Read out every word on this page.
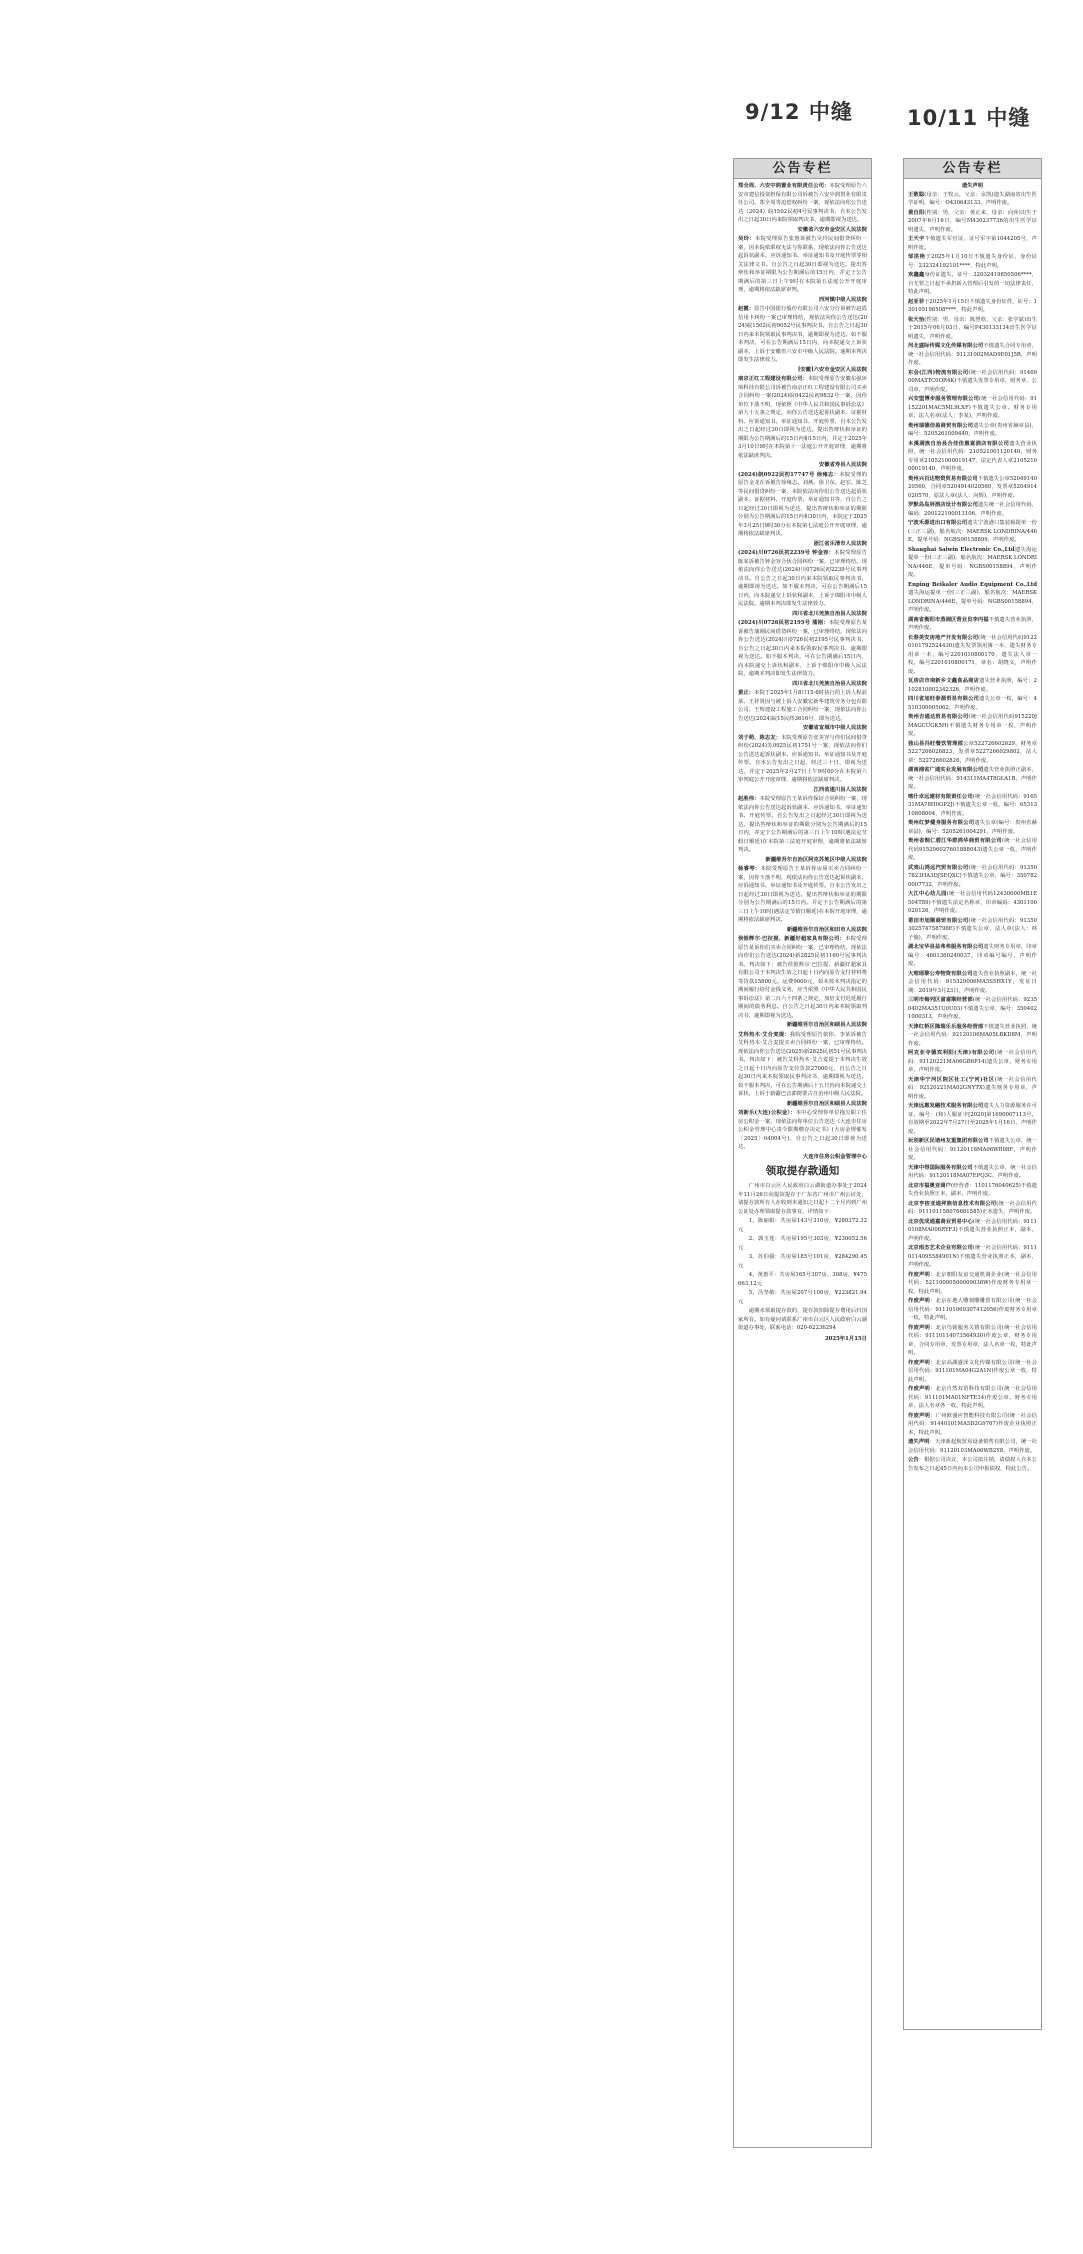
9/12 中缝	10/11 中缝
公告专栏

郑全周、六安中润置业有限责任公司：本院受理原告六安市建信投资担保有限公司诉被告六安中润置业有限责任公司、郑全周等追偿权纠纷一案，现依法向你公告送达（2024）皖1502民初4号民事判决书，自本公告发出之日起30日内来院领取判决书，逾期即视为送达。

安徽省六安市金安区人民法院

吴玲：本院受理原告张惠诉被告吴玲民间借贷纠纷一案，因本院依职权无法与你联系，现依法向你公告送达起诉状副本、应诉通知书、举证通知书及开庭传票等相关法律文书。自公告之日起30日即视为送达。提出答辩状和举证期限为公告期满后的15日内，并定于公告期满后的第三日上午9时在本院第五法庭公开开庭审理，逾期将依法缺席审判。

西河镇中级人民法院

赵霞：原告中国银行股份有限公司六安分行诉被告赵霞信用卡纠纷一案已审理终结，现依法向你公告送达(2024)皖1502民初9052号民事判决书。自公告之日起30日内来本院领取民事判决书，逾期即视为送达。如不服本判决，可在公告期满后15日内，向本院递交上诉状副本，上诉于安徽省六安市中级人民法院。逾期本判决即发生法律效力。

[安徽]六安市金安区人民法院

南京正红工程建设有限公司：本院受理原告安徽东强环境科技有限公司诉被告南京正红工程建设有限公司买卖合同纠纷一案(2024)皖0422民初9832号一案，因你单位下落不明，现依照《中华人民共和国民事诉讼法》第九十五条之规定，向你公告送达起诉状副本、证据材料、应诉通知书、举证通知书、开庭传票，自本公告发出之日起经过30日即视为送达。提出答辩状和举证的期限为公告期满后的15日内和15日内，并定于2025年3月10日9时在本院第十一法庭公开开庭审理，逾期将依法缺席判决。

安徽省寿县人民法院

(2024)皖0922民初17747号 徐雍志：本院受理的原告金龙在诉被告徐雍志、刘燕、徐卫东、赵宏、陈芝等民间借贷纠纷一案，本院依法向你们公告送达起诉状副本、证据材料、开庭传票、举证通知书等，自公告之日起经过30日即视为送达。提出答辩状和举证的期限分别为公告期满后的15日内和30日内，本院定于2025年3月25日9时30分在本院第七法庭公开开庭审理，逾期将依法缺席判决。

浙江省乐清市人民法院

(2024)川0726民初2239号 钟金容：本院受理原告陈某诉被告钟金容合伙合同纠纷一案，已审理终结。现依法向你公告送达(2024)川0726民初2239号民事判决书。自公告之日起30日内来本院领取民事判决书，逾期即视为送达。如不服本判决，可在公告期满后15日内，向本院递交上诉状和副本，上诉于绵阳市中级人民法院。逾期本判决即发生法律效力。

四川省北川羌族自治县人民法院

(2024)川0726民初2195号 蒲刚：本院受理原告某诉被告蒲刚民间借贷纠纷一案，已审理终结，现依法向你公告送达(2024)川0726民初2195号民事判决书，自公告之日起30日内来本院领取民事判决书，逾期即视为送达。如不服本判决，可在公告期满后15日内，向本院递交上诉状和副本，上诉于绵阳市中级人民法院，逾期本判决即发生法律效力。

四川省北川羌族自治县人民法院

黄正：本院于2025年1月8日15-6时执行的上诉人程前某、王祥贤因与被上诉人安徽宏新华建筑劳务分包有限公司、王辉建设工程施工合同纠纷一案，现依法向你公告送达(2024)皖15民终3616号，即为送达。

安徽省宣城市中级人民法院

刘子萌、陈志友：本院受理原告张美容与你们民间借贷纠纷(2024)苏0925民初1751号一案，现依法向你们公告送达起诉状副本、应诉通知书、举证通知书及开庭传票。自本公告发出之日起，经过三十日，即视为送达。并定于2025年2月27日上午9时00分在本院第六审判庭公开开庭审理，逾期将依法缺席判决。

江西省遂川县人民法院

赵胜伟：本院受理原告王某诉你保证合同纠纷一案，现依法向你公告送达起诉状副本、应诉通知书、举证通知书、开庭传票。自公告发出之日起经过30日即视为送达。提出答辩状和举证的期限分别为公告期满后的15日内，并定于公告期满后的第三日上午10时(遇法定节假日顺延)在本院第三法庭开庭审理，逾期将依法缺席判决。

新疆维吾尔自治区阿克苏地区中级人民法院

杨睿琴：本院受理原告王某诉你房屋买卖合同纠纷一案，因你下落不明，现依法向你公告送达起诉状副本、应诉通知书、举证通知书及开庭传票。自本公告发出之日起经过30日即视为送达。提出答辩状和举证的期限分别为公告期满后的15日内。并定于公告期满后的第三日上午10时(遇法定节假日顺延)在本院开庭审理，逾期将依法缺席判决。

新疆维吾尔自治区和田市人民法院

侯银辉尔·巴拉提、新疆好超家具有限公司：本院受理原告某诉你们买卖合同纠纷一案，已审理终结。现依法向你们公告送达(2024)新2825民初1160号民事判决书。判决如下：被告侯银辉尔·巴拉提、新疆好超家具有限公司于本判决生效之日起十日内向原告支付材料费等货款15800元、运费9000元，如未按本判决指定的期间履行给付金钱义务，应当依照《中华人民共和国民事诉讼法》第二百六十四条之规定，加倍支付迟延履行期间的债务利息。自公告之日起30日内来本院领取判决书，逾期即视为送达。

新疆维吾尔自治区和硕县人民法院

艾科热木·艾合麦提：我院受理原告依你、李某诉被告艾科热木·艾合麦提买卖合同纠纷一案，已审理终结。现依法向你公告送达(2025)新2825民初51号民事判决书。判决如下：被告艾科热木·艾合麦提于本判决生效之日起十日内向原告支付货款27000元，自公告之日起30日内来本院领取民事判决书，逾期即视为送达。如不服本判决，可在公告期满后十五日内向本院递交上诉状，上诉于新疆巴音郭楞蒙古自治州中级人民法院。

新疆维吾尔自治区和硕县人民法院

刘新乐(大连)公积金）：本中心受理你单位拖欠职工住房公积金一案，现依法向你单位公告送达《大连市住房公积金管理中心责令限期缴存决定书》(大房金规催发〔2025〕04004号)，自公告之日起30日即视为送达。

大连市住房公积金管理中心

领取提存款通知

广州市白云区人民政府白云湖街道办事处于2024年11月26日向提款提存于广东省广州市广州公证处，请提存款所有人在收到本通知之日起十二个月内到广州公证处办理领取提存款事宜，详情如下：

1、陈丽娟：共房屋143号310房，¥280372.32元

2、郭玉莲：共房屋195号303房，¥230052.56元

3、苏伯强：共房屋185号101房，¥284290.45元

4、黄惠平：共房屋165号307房、308房，¥475663.12元

5、冯坚敏：共房屋207号109房，¥223821.94元

逾期未领取提存款的，提存款扣除提存费用后归国家所有。如有疑问请联系广州市白云区人民政府白云湖街道办事处，联系电话：020-62236294

2025年1月15日
公告专栏
遗失声明

王敬聪(母亲：王牧云，父亲：余凯)遗失湖南省出生医学证明，编号：O430643133，声明作废。

黄自阳(性别：男，父亲：黄正来，母亲：向萍)出生于2007年6月16日，编号M430237736的出生医学证明遗失，声明作废。

王天宇不慎遗失军官证，证号军字第1044205号，声明作废。

邹洪艳于2025年1月10日不慎遗失身份证，身份证号：232324192101****，特此声明。

欢鑫鑫身份证遗失，证号：32032419850506****，自无罪之日起不承担新入管理后引发的一切法律责任，特此声明。

赵亚菲于2025年1月15日不慎遗失身份证件，证号：130105198508****，特此声明。

张天怡(性别：男，母亲：陈慧欣，父亲：张学斌)出生于2015年06月03日，编号P430133134出生医学证明遗失，声明作废。

河北盛际传媒文化传媒有限公司不慎遗失合同专用章，统一社会信用代码：91131002MAD9E01J5R，声明作废。

东会(江西)物流有限公司(统一社会信用代码：9146900MA5TC0OR4K)不慎遗失发票专用章，财务章，公司章，声明作废。

兴安盟博步服务管理有限公司(统一社会信用代码：91152201MAC5ML9LXF)不慎遗失公章、财务专用章、法人名章(法人：李某)，声明作废。

贵州瑞德佳盈商贸有限公司遗失公章(贵州省赫章县)，编号：5205261009440，声明作废。

本溪满族自治县合佳佳惠富酒店有限公司遗失营业执照，统一社会信用代码：210521001120140，财务专用章210521000019147，法定代表人章210521000019140，声明作废。

贵州兴百达物资贸易有限公司不慎遗失公章5204914020560，合同章5204914020560，发票章5204914020570，原法人章(法人：向辉)，声明作废。

罗默岛岛屏酒店设计有限公司遗失统一社会信用代码，编码：200122100013106，声明作废。

宁波禾源进出口有限公司遗失宁波港口集装箱提单一份(三正三副)，船名航次：MAERSK LONDRINA/446E，提单号码：NGBS00158899，声明作废。

Shanghai Saiwin Electronic Co.,Ltd遗失海运提单一份(三正三副)，船名航次：MAERSK LONDRINA/446E，提单号码：NGBS00158894，声明作废。

Enping Beikaler Audio Equipment Co.,Ltd遗失海运提单一份(三正三副)，船名航次：MAERSK LONDRINA/446E，提单号码：NGBS00158894，声明作废。

湖南省衡阳市蒸湘区营业员李丙福不慎遗失营业执照，声明作废。

长春美安房地产开发有限公司(统一社会信用代码91220101792524430)遗失发票领用簿一本，遗失财务专用章一本，编号2201010800170，遗失法人章一枚，编号2201010800171，章名：胡晓义，声明作废。

瓦房店市南新乡文鑫食品商店遗失营业执照，编号：2102810002342326，声明作废。

四川省旭旺泰源贸易有限公司遗失公章一枚，编号：4510300005062，声明作废。

贵州吉通达贸易有限公司(统一社会信用代码915220JMAGCUGK5H)不慎遗失财务专用章一枚，声明作废。

独山县冯旺餐饮管理部公章522726602629，财务章5227266026823，发票章5227266029802，法人章：522726602826，声明作废。

湖南湘省广通实业发展有限公司遗失营业执照正副本，统一社会信用代码：914311MA4T8GLA1B，声明作废。

喀什卓远建材有限责任公司(统一社会信用代码：916531MA78H0GP2J)不慎遗失公章一枚，编号：6531310808004，声明作废。

贵州红梦健身服务有限公司遗失公章(编号：贵州省赫章县)，编号：5205261004291，声明作废。

贵州省铜仁碧江华群鸿华商贸有限公司(统一社会信用代码915206027601888043)遗失公章一枚，声明作废。

武夷山鸿远汽贸有限公司(统一社会信用代码：913507823HA3DJSEQXC)不慎遗失公章，编号：3507820007732，声明作废。

大江中心幼儿园(统一社会信用代码12430000MB1E504T89)不慎遗失法定名称章，印章编码：4301100020126，声明作废。

莆田市旭顺商贸有限公司(统一社会信用代码：91350302574758798E)不慎遗失公章，法人章(法人：林子俊)，声明作废。

湖北宝华县益弗弗服务有限公司遗失财务专用章，印章编号：4601360240037，印章编号编号，声明作废。

大理瑶黎公寿物资有限公司遗失营业执照副本，统一社会信用代码：915329006MA5S5HX1Y，发证日期：2019年3月23日，声明作废。

三明市梅列区富富顺经营部(统一社会信用代码：92350402MA351U0U03)不慎遗失公章，编号：3504021000313，声明作废。

天津红桥区隆瑞乐乐服务经营部不慎遗失营业执照，统一社会信用代码：92120106MA05LBKD8M，声明作废。

阿克亚寺德宾利阳(天津)有限公司(统一社会信用代码：91120221MA06GB6P14)遗失公章，财务专用章，声明作废。

天津华宁河区院区社工(宁河)社区(统一社会信用代码：92120221MA02GNYTX)遗失财务专用章，声明作废。

天津远惠发融技术服务有限公司遗失人力资源服务许可证，编号：(和)人服证字[2020]第1690007113号，有效期至2022年7月27日至2025年1月16日，声明作废。

玩创新区民诸州友重集团有限公司不慎遗失公章，统一社会信用代码：91120118MA06WB08F，声明作废。

天津中得国际服务有限公司不慎遗失公章，统一社会信用代码：91120118MA07EPQ3C，声明作废。

北京市福奥亚商户(经营者：1101176040625)不慎遗失营业执照正本，副本，声明作废。

北京亨宿亚通拜族信息技术有限公司(统一社会信用代码：911101158076681585)正本遗失，声明作废。

北京优成通嘉商业贸易中心(统一社会信用代码：91110108MA006RYF3)不慎遗失营业执照正本，副本，声明作废。

北京雨杰艺术企业有限公司(统一社会信用代码：91110114095584901N)不慎遗失营业执照正本，副本，声明作废。

作废声明：北京朝阳友谊交通机调企业(统一社会信用代码：52110000500009036W)作废财务专用章一枚，特此声明。

作废声明：北京在地大雕刻雕雕贸有限公司(统一社会信用代码：911101069307412056)作废财务专用章一枚，特此声明。

作废声明：北京鸟铭服务关禧有限公司(统一社会信用代码：91110114073564930)作废公章，财务专用章，合同专用章，发票专用章，法人名章一枚，特此声明。

作废声明：北京高湖盛泽文化传媒有限公司(统一社会信用代码：911101MA04G2A1N)作废公章一枚，特此声明。

作废声明：北京自然双语科技有限公司(统一社会信用代码：911101MA01NFTE34)作废公章、财务专用章、法人名章各一枚，特此声明。

作废声明：广州欧盛应智能科技有限公司(统一社会信用代码：91440101MA5D2G9767)作废企业执照正本，特此声明。

遗失声明：天津新起航贸易设备销售有限公司，统一社会信用代码：91120103MA06WB2Y8，声明作废。

公告：根据公司决议，本公司拟注销，请债权人自本公告发布之日起45日内向本公司申报债权，特此公告。
